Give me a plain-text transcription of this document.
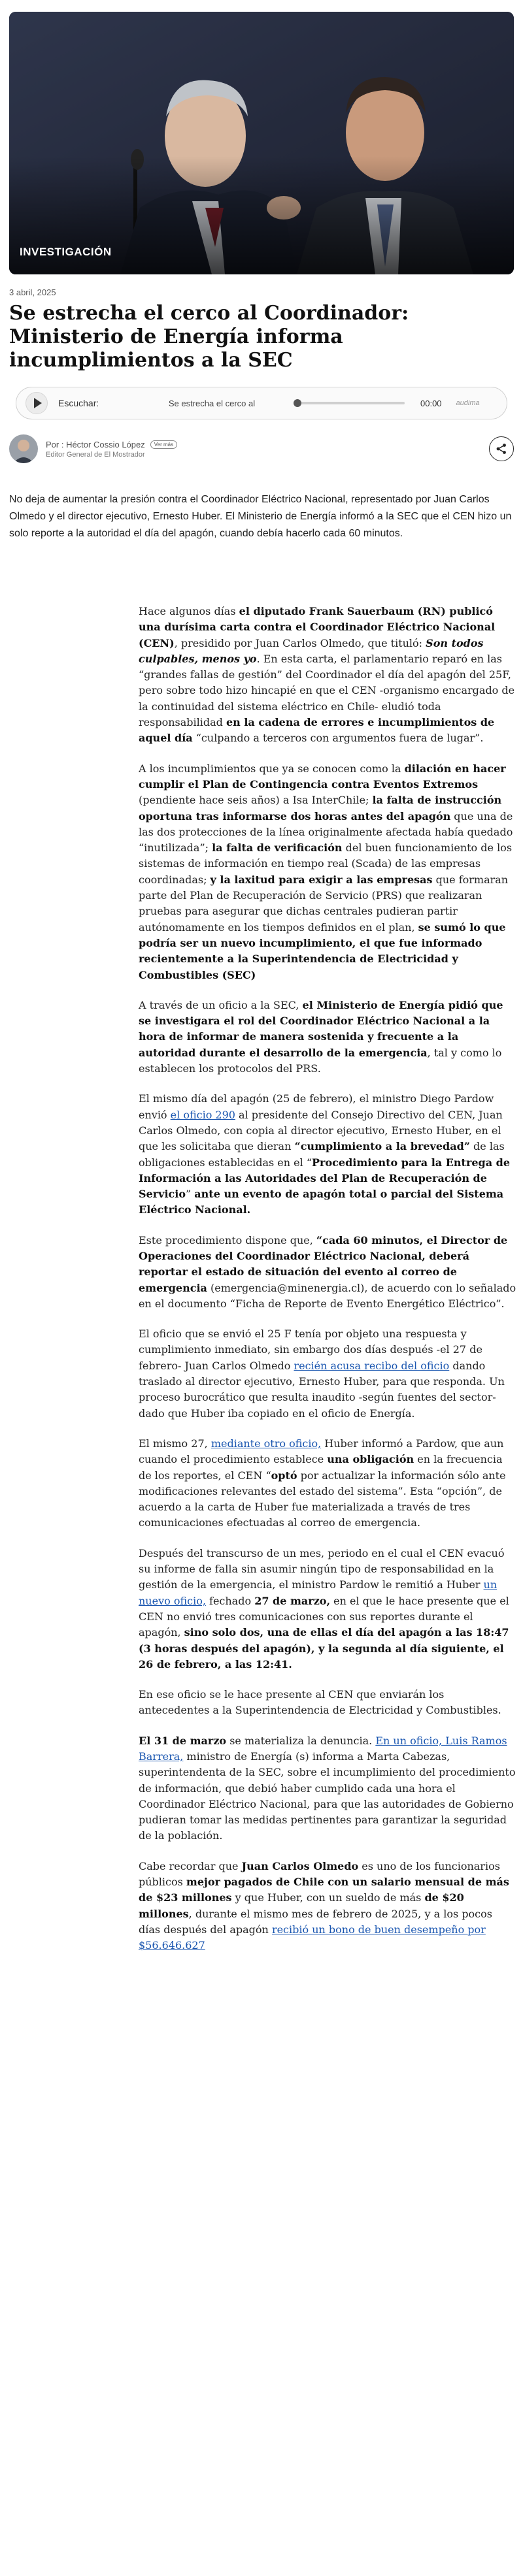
INVESTIGACIÓN
3 abril, 2025
Se estrecha el cerco al Coordinador: Ministerio de Energía informa incumplimientos a la SEC
Escuchar:	Se estrecha el cerco al	00:00 audima
Por : Héctor Cossio López	Ver más
Editor General de El Mostrador

No deja de aumentar la presión contra el Coordinador Eléctrico Nacional, representado por Juan Carlos Olmedo y el director ejecutivo, Ernesto Huber. El Ministerio de Energía informó a la SEC que el CEN hizo un solo reporte a la autoridad el día del apagón, cuando debía hacerlo cada 60 minutos.

Hace algunos días el diputado Frank Sauerbaum (RN) publicó una durísima carta contra el Coordinador Eléctrico Nacional (CEN), presidido por Juan Carlos Olmedo, que tituló: Son todos culpables, menos yo. En esta carta, el parlamentario reparó en las “grandes fallas de gestión” del Coordinador el día del apagón del 25F, pero sobre todo hizo hincapié en que el CEN -organismo encargado de la continuidad del sistema eléctrico en Chile- eludió toda responsabilidad en la cadena de errores e incumplimientos de aquel día “culpando a terceros con argumentos fuera de lugar”.

A los incumplimientos que ya se conocen como la dilación en hacer cumplir el Plan de Contingencia contra Eventos Extremos (pendiente hace seis años) a Isa InterChile; la falta de instrucción oportuna tras informarse dos horas antes del apagón que una de las dos protecciones de la línea originalmente afectada había quedado “inutilizada”; la falta de verificación del buen funcionamiento de los sistemas de información en tiempo real (Scada) de las empresas coordinadas; y la laxitud para exigir a las empresas que formaran parte del Plan de Recuperación de Servicio (PRS) que realizaran pruebas para asegurar que dichas centrales pudieran partir autónomamente en los tiempos definidos en el plan, se sumó lo que podría ser un nuevo incumplimiento, el que fue informado recientemente a la Superintendencia de Electricidad y Combustibles (SEC)

A través de un oficio a la SEC, el Ministerio de Energía pidió que se investigara el rol del Coordinador Eléctrico Nacional a la hora de informar de manera sostenida y frecuente a la autoridad durante el desarrollo de la emergencia, tal y como lo establecen los protocolos del PRS.

El mismo día del apagón (25 de febrero), el ministro Diego Pardow envió el oficio 290 al presidente del Consejo Directivo del CEN, Juan Carlos Olmedo, con copia al director ejecutivo, Ernesto Huber, en el que les solicitaba que dieran “cumplimiento a la brevedad” de las obligaciones establecidas en el “Procedimiento para la Entrega de Información a las Autoridades del Plan de Recuperación de Servicio” ante un evento de apagón total o parcial del Sistema Eléctrico Nacional.

Este procedimiento dispone que, “cada 60 minutos, el Director de Operaciones del Coordinador Eléctrico Nacional, deberá reportar el estado de situación del evento al correo de emergencia (emergencia@minenergia.cl), de acuerdo con lo señalado en el documento “Ficha de Reporte de Evento Energético Eléctrico”.

El oficio que se envió el 25 F tenía por objeto una respuesta y cumplimiento inmediato, sin embargo dos días después -el 27 de febrero- Juan Carlos Olmedo recién acusa recibo del oficio dando traslado al director ejecutivo, Ernesto Huber, para que responda. Un proceso burocrático que resulta inaudito -según fuentes del sector- dado que Huber iba copiado en el oficio de Energía.

El mismo 27, mediante otro oficio, Huber informó a Pardow, que aun cuando el procedimiento establece una obligación en la frecuencia de los reportes, el CEN “optó por actualizar la información sólo ante modificaciones relevantes del estado del sistema”. Esta “opción”, de acuerdo a la carta de Huber fue materializada a través de tres comunicaciones efectuadas al correo de emergencia.

Después del transcurso de un mes, periodo en el cual el CEN evacuó su informe de falla sin asumir ningún tipo de responsabilidad en la gestión de la emergencia, el ministro Pardow le remitió a Huber un nuevo oficio, fechado 27 de marzo, en el que le hace presente que el CEN no envió tres comunicaciones con sus reportes durante el apagón, sino solo dos, una de ellas el día del apagón a las 18:47 (3 horas después del apagón), y la segunda al día siguiente, el 26 de febrero, a las 12:41.

En ese oficio se le hace presente al CEN que enviarán los antecedentes a la Superintendencia de Electricidad y Combustibles.

El 31 de marzo se materializa la denuncia. En un oficio, Luis Ramos Barrera, ministro de Energía (s) informa a Marta Cabezas, superintendenta de la SEC, sobre el incumplimiento del procedimiento de información, que debió haber cumplido cada una hora el Coordinador Eléctrico Nacional, para que las autoridades de Gobierno pudieran tomar las medidas pertinentes para garantizar la seguridad de la población.

Cabe recordar que Juan Carlos Olmedo es uno de los funcionarios públicos mejor pagados de Chile con un salario mensual de más de $23 millones y que Huber, con un sueldo de más de $20 millones, durante el mismo mes de febrero de 2025, y a los pocos días después del apagón recibió un bono de buen desempeño por $56.646.627
